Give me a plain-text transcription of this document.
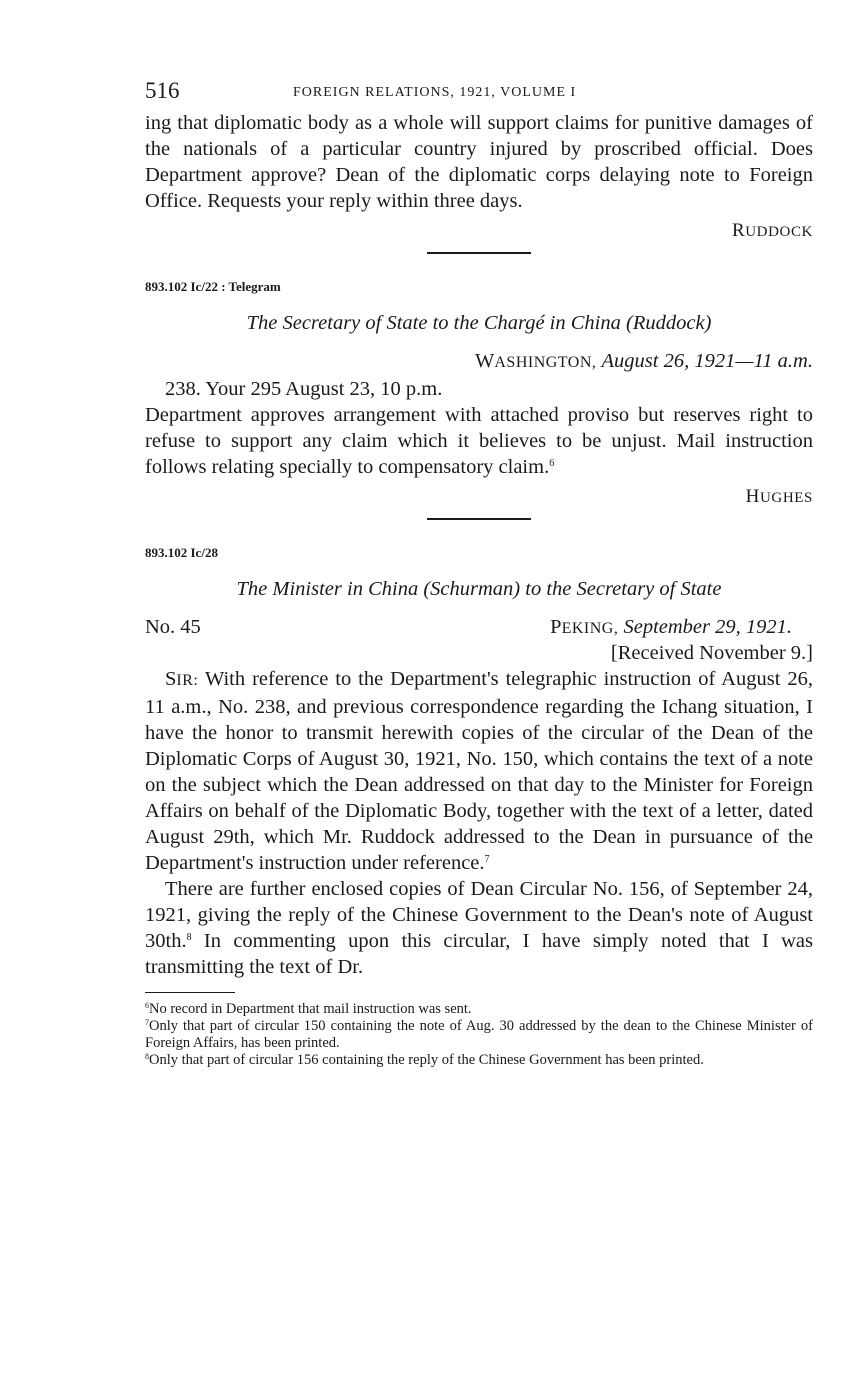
516	FOREIGN RELATIONS, 1921, VOLUME I

ing that diplomatic body as a whole will support claims for punitive damages of the nationals of a particular country injured by proscribed official. Does Department approve? Dean of the diplomatic corps delaying note to Foreign Office. Requests your reply within three days.

RUDDOCK
893.102 Ic/22 : Telegram
The Secretary of State to the Chargé in China (Ruddock)
WASHINGTON, August 26, 1921—11 a.m.

238. Your 295 August 23, 10 p.m.

Department approves arrangement with attached proviso but reserves right to refuse to support any claim which it believes to be unjust. Mail instruction follows relating specially to compensatory claim.$^6$

HUGHES
893.102 Ic/28
The Minister in China (Schurman) to the Secretary of State
No. 45	PEKING, September 29, 1921.
[Received November 9.]

SIR: With reference to the Department's telegraphic instruction of August 26, 11 a.m., No. 238, and previous correspondence regarding the Ichang situation, I have the honor to transmit herewith copies of the circular of the Dean of the Diplomatic Corps of August 30, 1921, No. 150, which contains the text of a note on the subject which the Dean addressed on that day to the Minister for Foreign Affairs on behalf of the Diplomatic Body, together with the text of a letter, dated August 29th, which Mr. Ruddock addressed to the Dean in pursuance of the Department's instruction under reference.$^7$

There are further enclosed copies of Dean Circular No. 156, of September 24, 1921, giving the reply of the Chinese Government to the Dean's note of August 30th.$^8$ In commenting upon this circular, I have simply noted that I was transmitting the text of Dr.

$^6$No record in Department that mail instruction was sent.
$^7$Only that part of circular 150 containing the note of Aug. 30 addressed by the dean to the Chinese Minister of Foreign Affairs, has been printed.
$^8$Only that part of circular 156 containing the reply of the Chinese Government has been printed.
